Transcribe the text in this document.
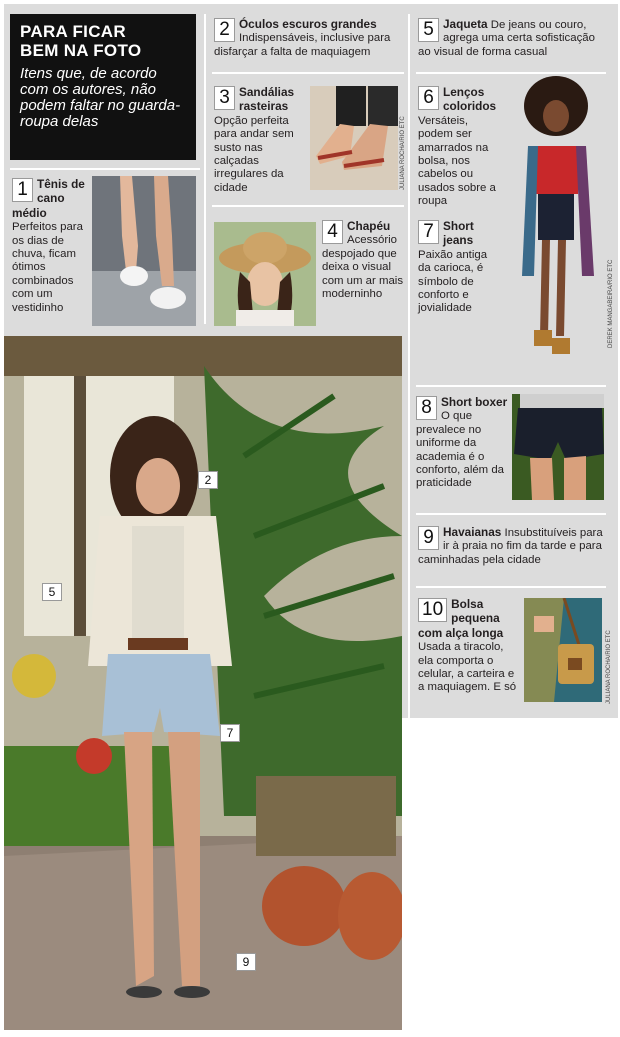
PARA FICAR
BEM NA FOTO

Itens que, de acordo com os autores, não podem faltar no guarda-roupa delas

1 Tênis de cano médio
Perfeitos para os dias de chuva, ficam ótimos combinados com um vestidinho
2 Óculos escuros grandes
Indispensáveis, inclusive para disfarçar a falta de maquiagem
3 Sandálias rasteiras
Opção perfeita para andar sem susto nas calçadas irregulares da cidade	JULIANA ROCHA/RIO ETC
4 Chapéu
Acessório despojado que deixa o visual com um ar mais moderninho
5 Jaqueta De jeans ou couro, agrega uma certa sofisticação ao visual de forma casual
6 Lenços coloridos
Versáteis, podem ser amarrados na bolsa, nos cabelos ou usados sobre a roupa
DEREK MANGABEIRA/RIO ETC
7 Short jeans
Paixão antiga da carioca, é símbolo de conforto e jovialidade
8 Short boxer
O que prevalece no uniforme da academia é o conforto, além da praticidade
9 Havaianas Insubstituíveis para ir à praia no fim da tarde e para caminhadas pela cidade
10 Bolsa pequena com alça longa
Usada a tiracolo, ela comporta o celular, a carteira e a maquiagem. E só	JULIANA ROCHA/RIO ETC
2
5
7
9
